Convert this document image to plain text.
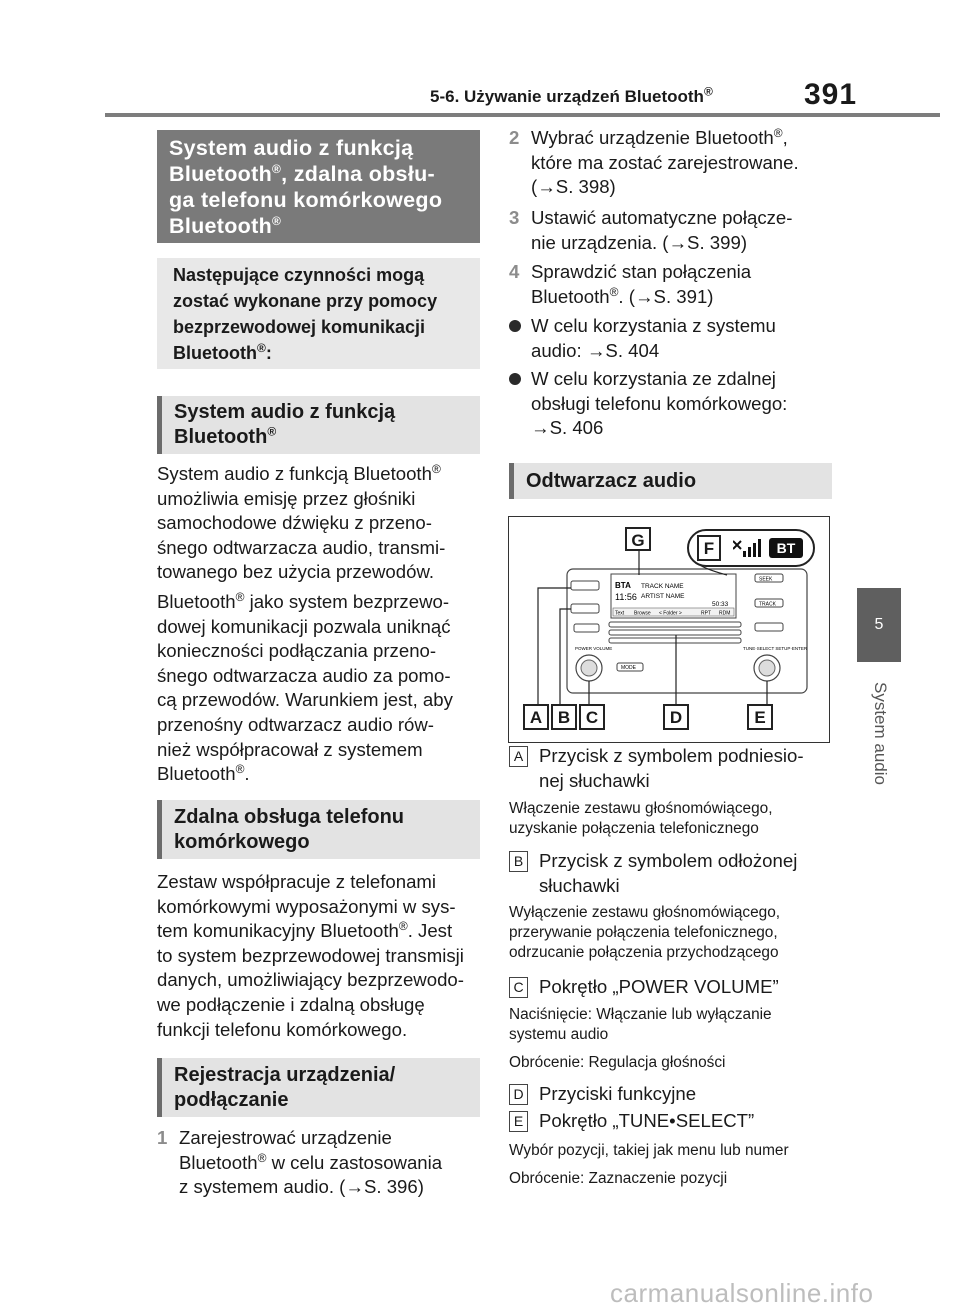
5-6. Używanie urządzeń Bluetooth®	391
5
System audio
System audio z funkcją
Bluetooth®, zdalna obsłu-
ga telefonu komórkowego
Bluetooth®
Następujące czynności mogą
zostać wykonane przy pomocy
bezprzewodowej komunikacji
Bluetooth®:
System audio z funkcją
Bluetooth®
System audio z funkcją Bluetooth®
umożliwia emisję przez głośniki
samochodowe dźwięku z przeno-
śnego odtwarzacza audio, transmi-
towanego bez użycia przewodów.
Bluetooth® jako system bezprzewo-
dowej komunikacji pozwala uniknąć
konieczności podłączania przeno-
śnego odtwarzacza audio za pomo-
cą przewodów. Warunkiem jest, aby
przenośny odtwarzacz audio rów-
nież współpracował z systemem
Bluetooth®.
Zdalna obsługa telefonu
komórkowego
Zestaw współpracuje z telefonami
komórkowymi wyposażonymi w sys-
tem komunikacyjny Bluetooth®. Jest
to system bezprzewodowej transmisji
danych, umożliwiający bezprzewodo-
we podłączenie i zdalną obsługę
funkcji telefonu komórkowego.
Rejestracja urządzenia/
podłączanie
1 Zarejestrować urządzenie
Bluetooth® w celu zastosowania
z systemem audio. (→S. 396)
2 Wybrać urządzenie Bluetooth®,
które ma zostać zarejestrowane.
(→S. 398)
3 Ustawić automatyczne połącze-
nie urządzenia. (→S. 399)
4 Sprawdzić stan połączenia
Bluetooth®. (→S. 391)
W celu korzystania z systemu
audio: →S. 404
W celu korzystania ze zdalnej
obsługi telefonu komórkowego:
→S. 406
Odtwarzacz audio
BTA
11:56
TRACK NAME
ARTIST NAME
50:33
Text Browse < Folder >	RPT RDM
SEEK
TRACK
POWER VOLUME	TUNE·SELECT SETUP·ENTER
MODE
A B C	D	E
G	F	BT
A Przycisk z symbolem podniesio-
nej słuchawki
Włączenie zestawu głośnomówiącego,
uzyskanie połączenia telefonicznego
B Przycisk z symbolem odłożonej
słuchawki
Wyłączenie zestawu głośnomówiącego,
przerywanie połączenia telefonicznego,
odrzucanie połączenia przychodzącego
C Pokrętło „POWER VOLUME”
Naciśnięcie: Włączanie lub wyłączanie
systemu audio
Obrócenie: Regulacja głośności
D Przyciski funkcyjne
E Pokrętło „TUNE•SELECT”
Wybór pozycji, takiej jak menu lub numer
Obrócenie: Zaznaczenie pozycji
carmanualsonline.info
